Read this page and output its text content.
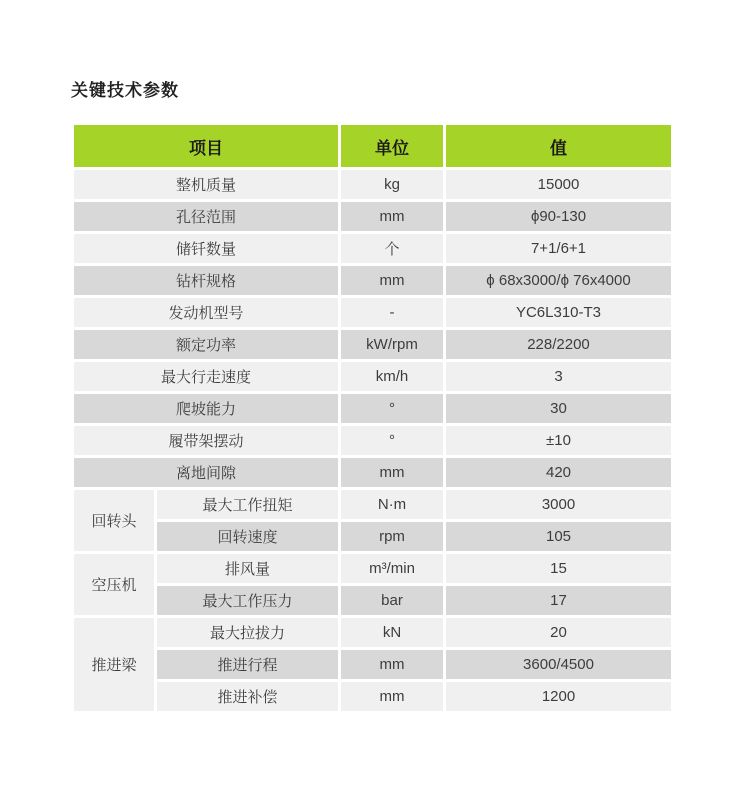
关键技术参数
项目		单位	值
整机质量		kg	15000
孔径范围		mm	ϕ90-130
储钎数量		个	7+1/6+1
钻杆规格		mm	ϕ 68x3000/ϕ 76x4000
发动机型号		-	YC6L310-T3
额定功率		kW/rpm	228/2200
最大行走速度		km/h	3
爬坡能力		°	30
履带架摆动		°	±10
离地间隙		mm	420
回转头	最大工作扭矩	N·m	3000
	回转速度	rpm	105
空压机	排风量	m³/min	15
	最大工作压力	bar	17
推进梁	最大拉拔力	kN	20
	推进行程	mm	3600/4500
	推进补偿	mm	1200
